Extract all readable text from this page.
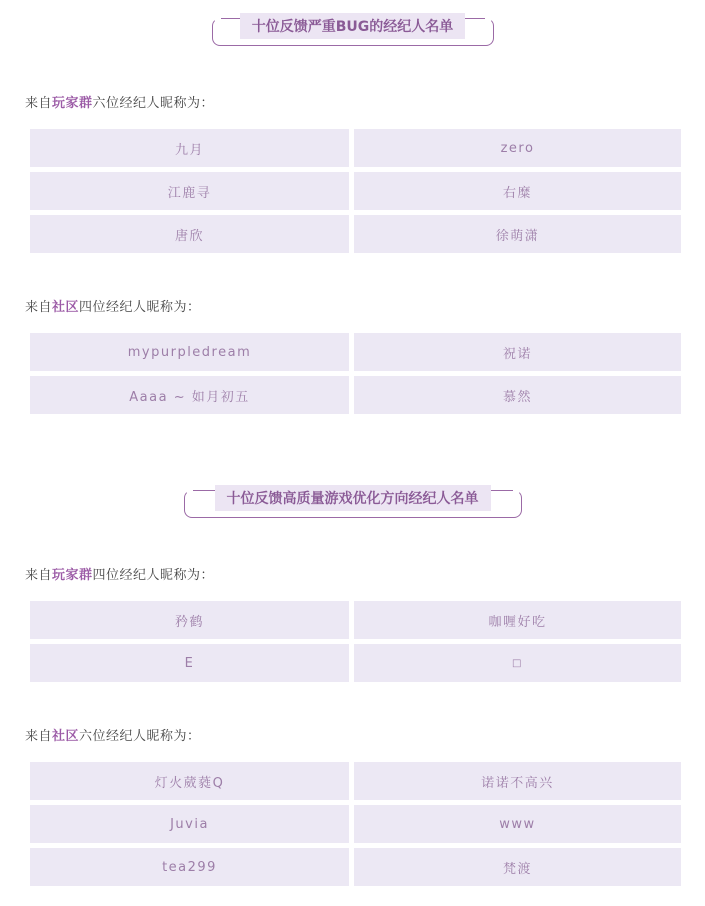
十位反馈严重BUG的经纪人名单
来自玩家群六位经纪人昵称为：
九月	zero
江鹿寻	右糜
唐欣	徐萌潇
来自社区四位经纪人昵称为：
mypurpledream	祝诺
Aaaa ~ 如月初五	慕然
十位反馈高质量游戏优化方向经纪人名单
来自玩家群四位经纪人昵称为：
矜鹤	咖喱好吃
E	□
来自社区六位经纪人昵称为：
灯火葳蕤Q	诺诺不高兴
Juvia	www
tea299	梵渡
